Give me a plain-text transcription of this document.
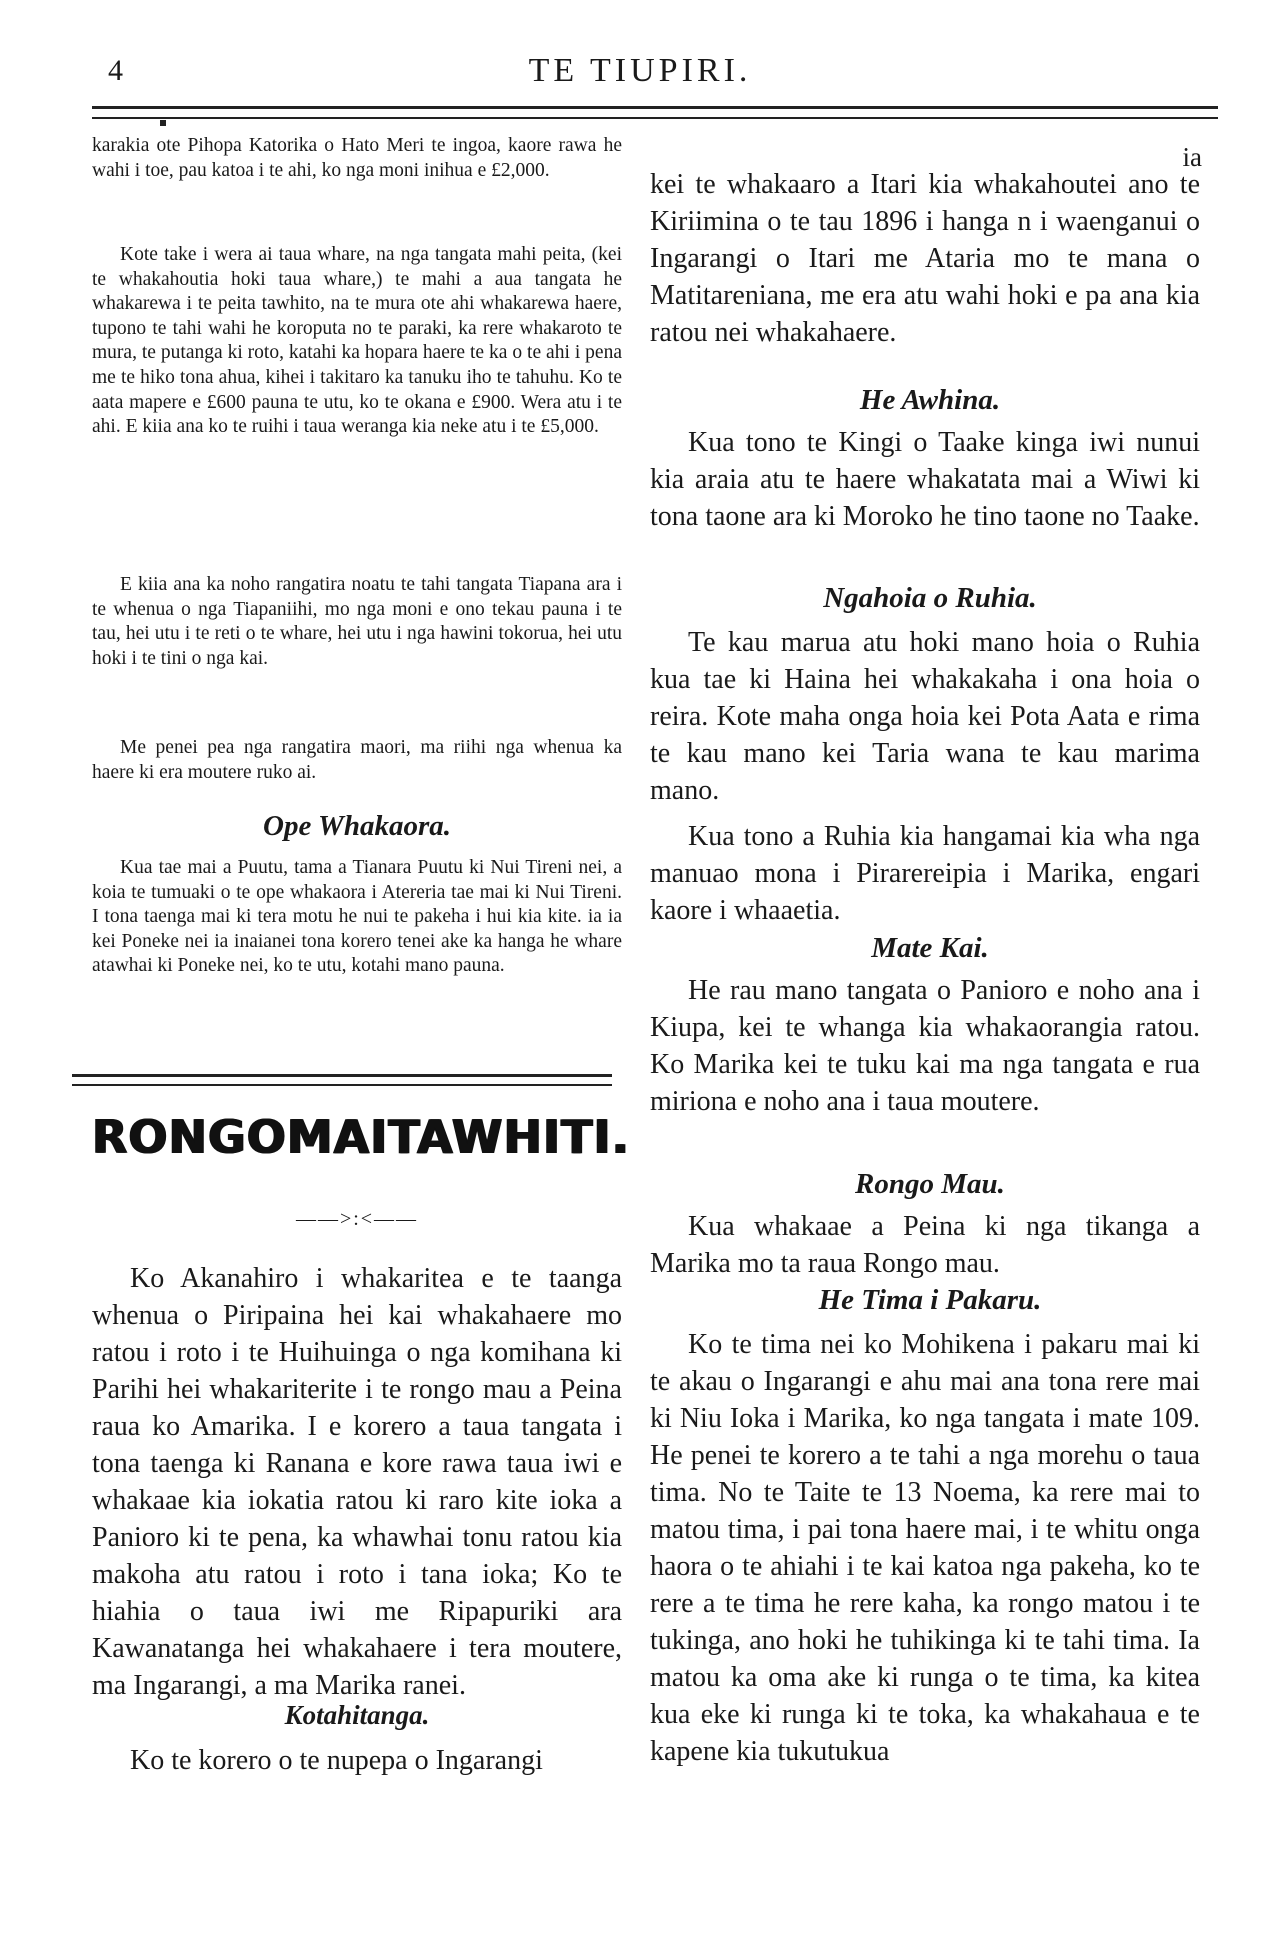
4	TE TIUPIRI.

karakia ote Pihopa Katorika o Hato Meri te ingoa, kaore rawa he wahi i toe, pau katoa i te ahi, ko nga moni inihua e £2,000.

Kote take i wera ai taua whare, na nga tangata mahi peita, (kei te whakahoutia hoki taua whare,) te mahi a aua tangata he whakarewa i te peita tawhito, na te mura ote ahi whakarewa haere, tupono te tahi wahi he koroputa no te paraki, ka rere whakaroto te mura, te putanga ki roto, katahi ka hopara haere te ka o te ahi i pena me te hiko tona ahua, kihei i takitaro ka tanuku iho te tahuhu. Ko te aata mapere e £600 pauna te utu, ko te okana e £900. Wera atu i te ahi. E kiia ana ko te ruihi i taua weranga kia neke atu i te £5,000.

E kiia ana ka noho rangatira noatu te tahi tangata Tiapana ara i te whenua o nga Tiapaniihi, mo nga moni e ono tekau pauna i te tau, hei utu i te reti o te whare, hei utu i nga hawini tokorua, hei utu hoki i te tini o nga kai.

Me penei pea nga rangatira maori, ma riihi nga whenua ka haere ki era moutere ruko ai.

Ope Whakaora.

Kua tae mai a Puutu, tama a Tianara Puutu ki Nui Tireni nei, a koia te tumuaki o te ope whakaora i Atereria tae mai ki Nui Tireni. I tona taenga mai ki tera motu he nui te pakeha i hui kia kite. ia ia kei Poneke nei ia inaianei tona korero tenei ake ka hanga he whare atawhai ki Poneke nei, ko te utu, kotahi mano pauna.

RONGOMAITAWHITI.
——>:<——

Ko Akanahiro i whakaritea e te taanga whenua o Piripaina hei kai whakahaere mo ratou i roto i te Huihuinga o nga komihana ki Parihi hei whakariterite i te rongo mau a Peina raua ko Amarika. I e korero a taua tangata i tona taenga ki Ranana e kore rawa taua iwi e whakaae kia iokatia ratou ki raro kite ioka a Panioro ki te pena, ka whawhai tonu ratou kia makoha atu ratou i roto i tana ioka; Ko te hiahia o taua iwi me Ripapuriki ara Kawanatanga hei whakahaere i tera moutere, ma Ingarangi, a ma Marika ranei.

Kotahitanga.

Ko te korero o te nupepa o Ingarangi

ia

kei te whakaaro a Itari kia whakahoutei ano te Kiriimina o te tau 1896 i hanga n i waenganui o Ingarangi o Itari me Ataria mo te mana o Matitareniana, me era atu wahi hoki e pa ana kia ratou nei whakahaere.

He Awhina.

Kua tono te Kingi o Taake kinga iwi nunui kia araia atu te haere whakatata mai a Wiwi ki tona taone ara ki Moroko he tino taone no Taake.

Ngahoia o Ruhia.

Te kau marua atu hoki mano hoia o Ruhia kua tae ki Haina hei whakakaha i ona hoia o reira. Kote maha onga hoia kei Pota Aata e rima te kau mano kei Taria wana te kau marima mano.

Kua tono a Ruhia kia hangamai kia wha nga manuao mona i Pirarereipia i Marika, engari kaore i whaaetia.

Mate Kai.

He rau mano tangata o Panioro e noho ana i Kiupa, kei te whanga kia whakaorangia ratou. Ko Marika kei te tuku kai ma nga tangata e rua miriona e noho ana i taua moutere.

Rongo Mau.

Kua whakaae a Peina ki nga tikanga a Marika mo ta raua Rongo mau.

He Tima i Pakaru.

Ko te tima nei ko Mohikena i pakaru mai ki te akau o Ingarangi e ahu mai ana tona rere mai ki Niu Ioka i Marika, ko nga tangata i mate 109. He penei te korero a te tahi a nga morehu o taua tima. No te Taite te 13 Noema, ka rere mai to matou tima, i pai tona haere mai, i te whitu onga haora o te ahiahi i te kai katoa nga pakeha, ko te rere a te tima he rere kaha, ka rongo matou i te tukinga, ano hoki he tuhikinga ki te tahi tima. Ia matou ka oma ake ki runga o te tima, ka kitea kua eke ki runga ki te toka, ka whakahaua e te kapene kia tukutukua
